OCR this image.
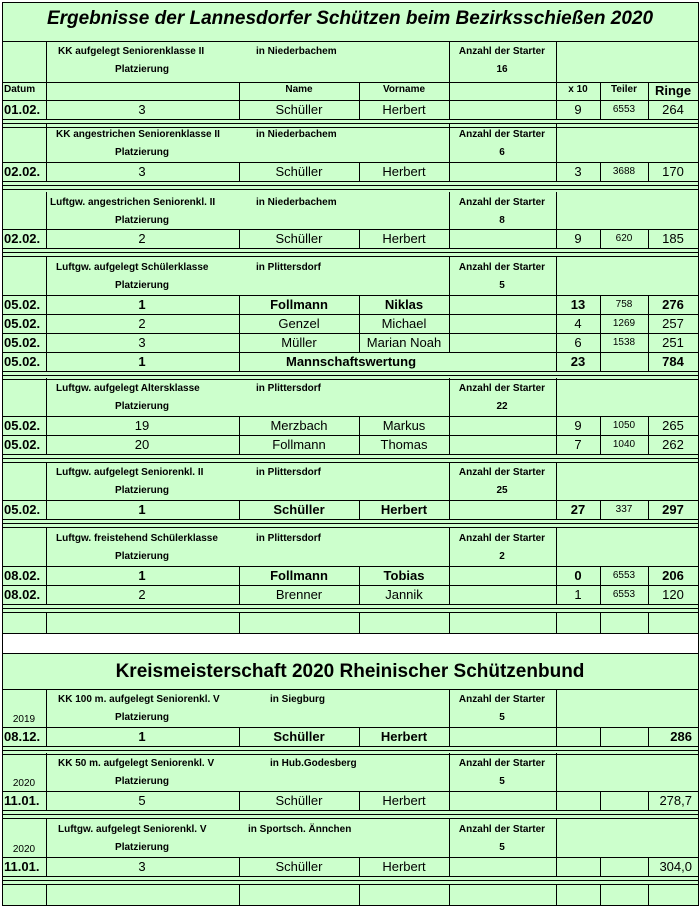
Ergebnisse der Lannesdorfer Schützen beim Bezirksschießen 2020
Datum	Name	Vorname	x 10 Teiler Ringe
KK aufgelegt Seniorenklasse II	in Niederbachem	Anzahl der Starter
Platzierung	16
01.02.	3	Schüller	Herbert	9	6553 264
KK angestrichen Seniorenklasse II	in Niederbachem	Anzahl der Starter
Platzierung	6
02.02.	3	Schüller	Herbert	3	3688 170
Luftgw. angestrichen Seniorenkl. II	in Niederbachem	Anzahl der Starter
Platzierung	8
02.02.	2	Schüller	Herbert	9	620 185
Luftgw. aufgelegt Schülerklasse	in Plittersdorf	Anzahl der Starter
Platzierung	5
05.02.	1	Follmann	Niklas	13	758 276
05.02.	2	Genzel	Michael	4	1269 257
05.02.	3	Müller	Marian Noah	6	1538 251
05.02.	1	Mannschaftswertung	23	784
Luftgw. aufgelegt Altersklasse	in Plittersdorf	Anzahl der Starter
Platzierung	22
05.02.	19	Merzbach	Markus	9	1050 265
05.02.	20	Follmann	Thomas	7	1040 262
Luftgw. aufgelegt Seniorenkl. II	in Plittersdorf	Anzahl der Starter
Platzierung	25
05.02.	1	Schüller	Herbert	27	337 297
Luftgw. freistehend Schülerklasse	in Plittersdorf	Anzahl der Starter
Platzierung	2
08.02.	1	Follmann	Tobias	0	6553 206
08.02.	2	Brenner	Jannik	1	6553 120
Kreismeisterschaft 2020 Rheinischer Schützenbund
KK 100 m. aufgelegt Seniorenkl. V	in Siegburg	Anzahl der Starter
Platzierung	5
2019
08.12.	1	Schüller	Herbert	286
KK 50 m. aufgelegt Seniorenkl. V	in Hub.Godesberg	Anzahl der Starter
Platzierung	5
2020
11.01.	5	Schüller	Herbert	278,7
Luftgw. aufgelegt Seniorenkl. V	in Sportsch. Ännchen	Anzahl der Starter
Platzierung	5
2020
11.01.	3	Schüller	Herbert	304,0
